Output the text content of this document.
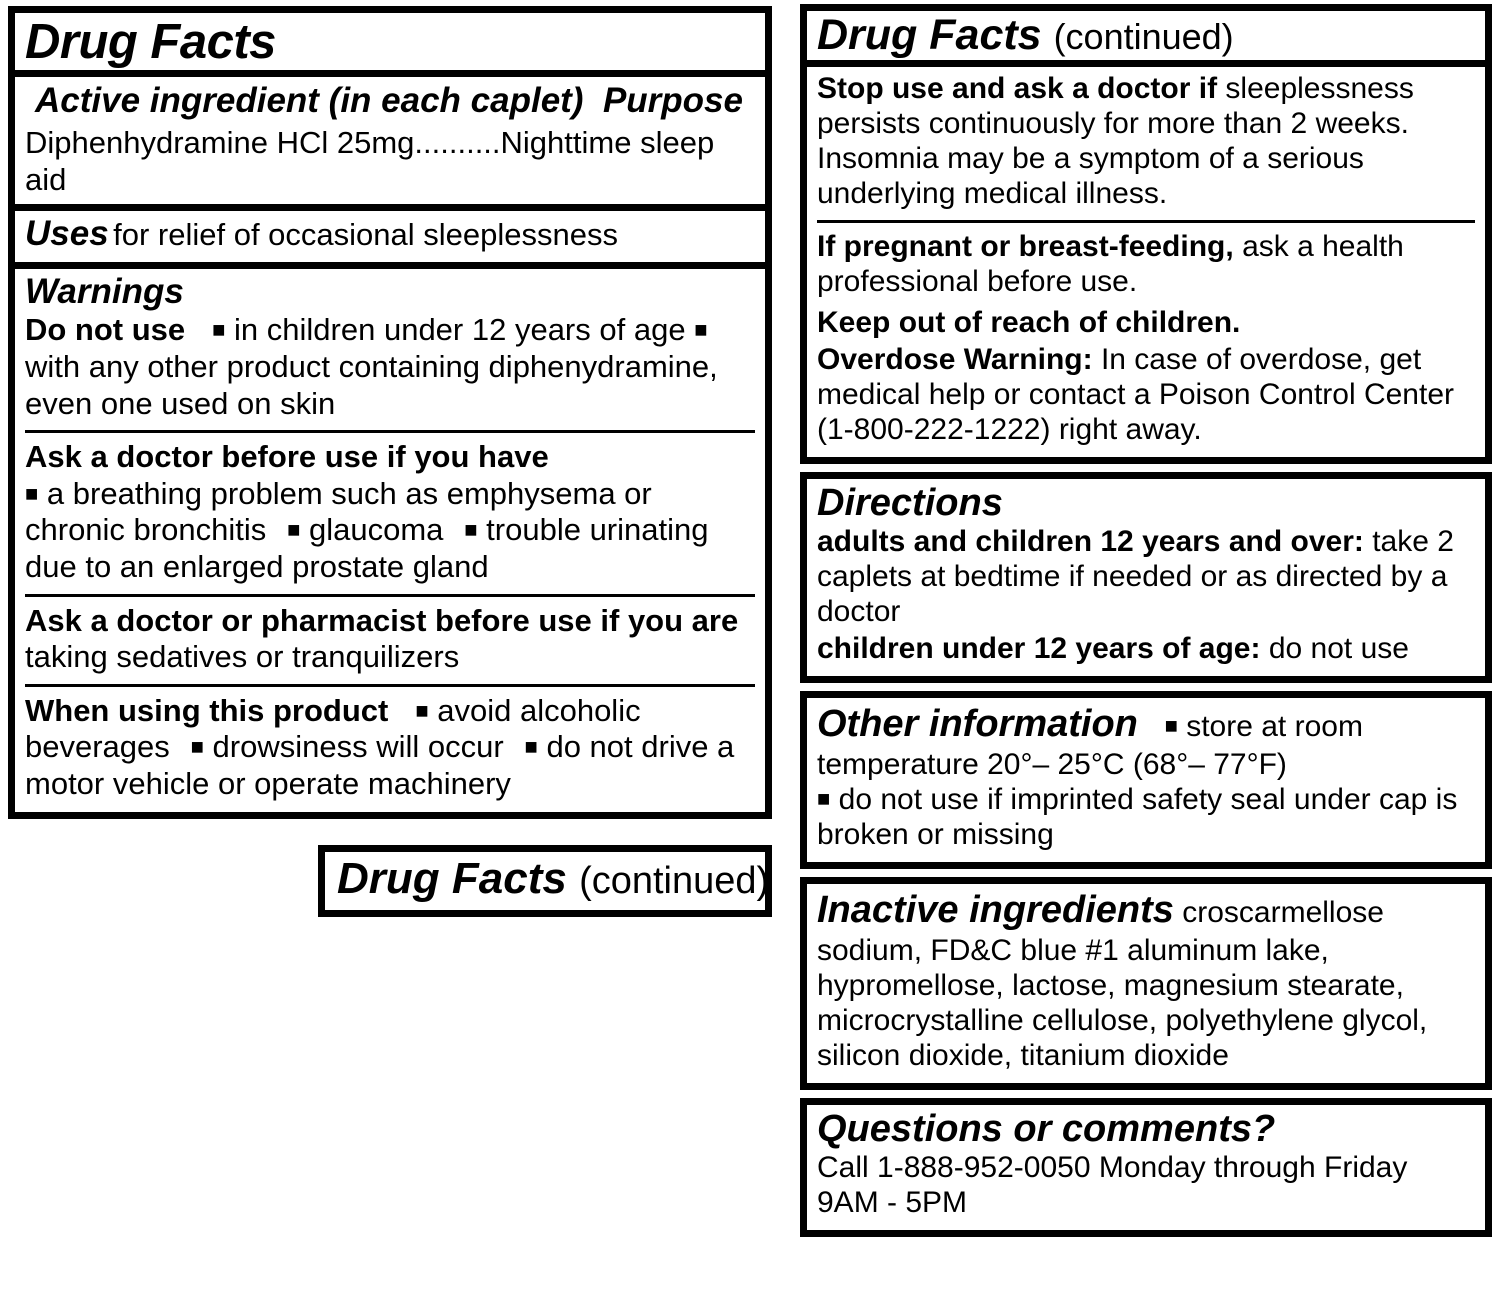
Drug Facts
Active ingredient (in each caplet) Purpose
Diphenhydramine HCl 25mg..........Nighttime sleep aid
Uses for relief of occasional sleeplessness
Warnings
Do not use    ■ in children under 12 years of age ■ with any other product containing diphenydramine, even one used on skin
Ask a doctor before use if you have
■ a breathing problem such as emphysema or chronic bronchitis   ■ glaucoma   ■ trouble urinating due to an enlarged prostate gland
Ask a doctor or pharmacist before use if you are
taking sedatives or tranquilizers
When using this product    ■ avoid alcoholic beverages   ■ drowsiness will occur   ■ do not drive a motor vehicle or operate machinery
Drug Facts (continued)
Drug Facts (continued)
Stop use and ask a doctor if sleeplessness persists continuously for more than 2 weeks. Insomnia may be a symptom of a serious underlying medical illness.
If pregnant or breast-feeding, ask a health professional before use.
Keep out of reach of children.
Overdose Warning: In case of overdose, get medical help or contact a Poison Control Center (1-800-222-1222) right away.
Directions
adults and children 12 years and over: take 2 caplets at bedtime if needed or as directed by a doctor
children under 12 years of age: do not use
Other information    ■ store at room temperature 20°– 25°C (68°– 77°F)
■ do not use if imprinted safety seal under cap is broken or missing
Inactive ingredients croscarmellose sodium, FD&C blue #1 aluminum lake, hypromellose, lactose, magnesium stearate, microcrystalline cellulose, polyethylene glycol, silicon dioxide, titanium dioxide
Questions or comments?
Call 1-888-952-0050 Monday through Friday 9AM - 5PM
